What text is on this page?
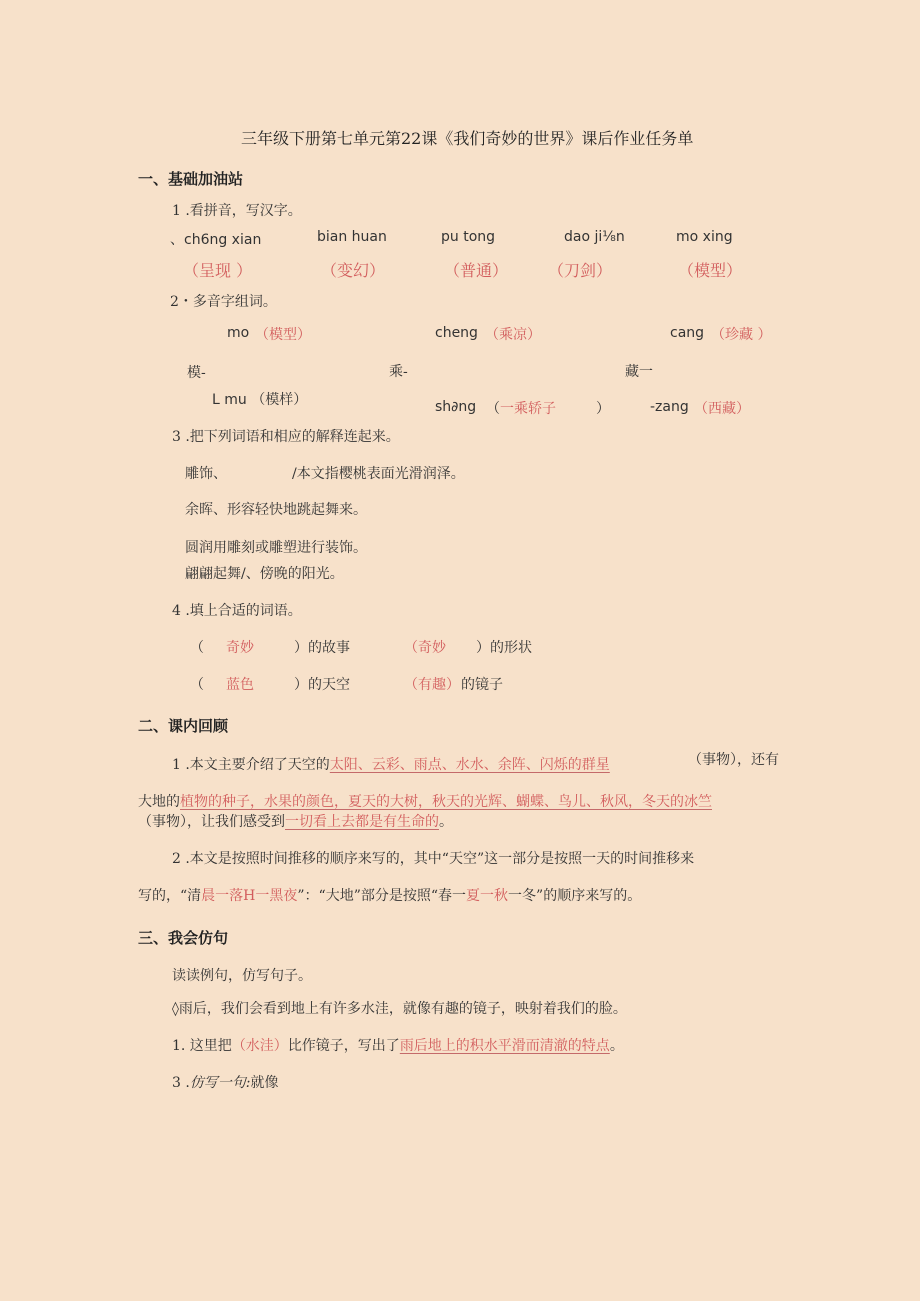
三年级下册第七单元第22课《我们奇妙的世界》课后作业任务单
一、基础加油站
1 .看拼音，写汉字。
、ch6ng xian	bian huan	pu tong	dao ji⅛n	mo xing
（呈现 ）	（变幻）	（普通） （刀剑）	（模型）
2・多音字组词。
mo （模型）	cheng （乘凉）	cang （珍藏 ）
模-	乘-	藏一
L mu （模样）	sh∂ng （ 一乘轿子	）	-zang （西藏）
3 .把下列词语和相应的解释连起来。
雕饰、	/本文指樱桃表面光滑润泽。
余晖、形容轻快地跳起舞来。
圆润用雕刻或雕塑进行装饰。
翩翩起舞/、傍晚的阳光。
4 .填上合适的词语。
（ 奇妙	）的故事	（奇妙 ）的形状
（ 蓝色	）的天空	（有趣） 的镜子
二、课内回顾
1 .本文主要介绍了天空的太阳、云彩、雨点、水水、余阵、闪烁的群星	（事物），还有
大地的植物的种子，水果的颜色，夏天的大树，秋天的光辉、蝴蝶、鸟儿、秋风，冬天的冰竺
（事物），让我们感受到一切看上去都是有生命的。
2 .本文是按照时间推移的顺序来写的，其中“天空”这一部分是按照一天的时间推移来
写的，“清晨一落H一黑夜”：“大地”部分是按照“春一夏一秋一冬”的顺序来写的。
三、我会仿句
读读例句，仿写句子。
◊雨后，我们会看到地上有许多水洼，就像有趣的镜子，映射着我们的脸。
1. 这里把（水洼）比作镜子，写出了雨后地上的积水平滑而清澈的特点。
3 .仿写一句:就像
